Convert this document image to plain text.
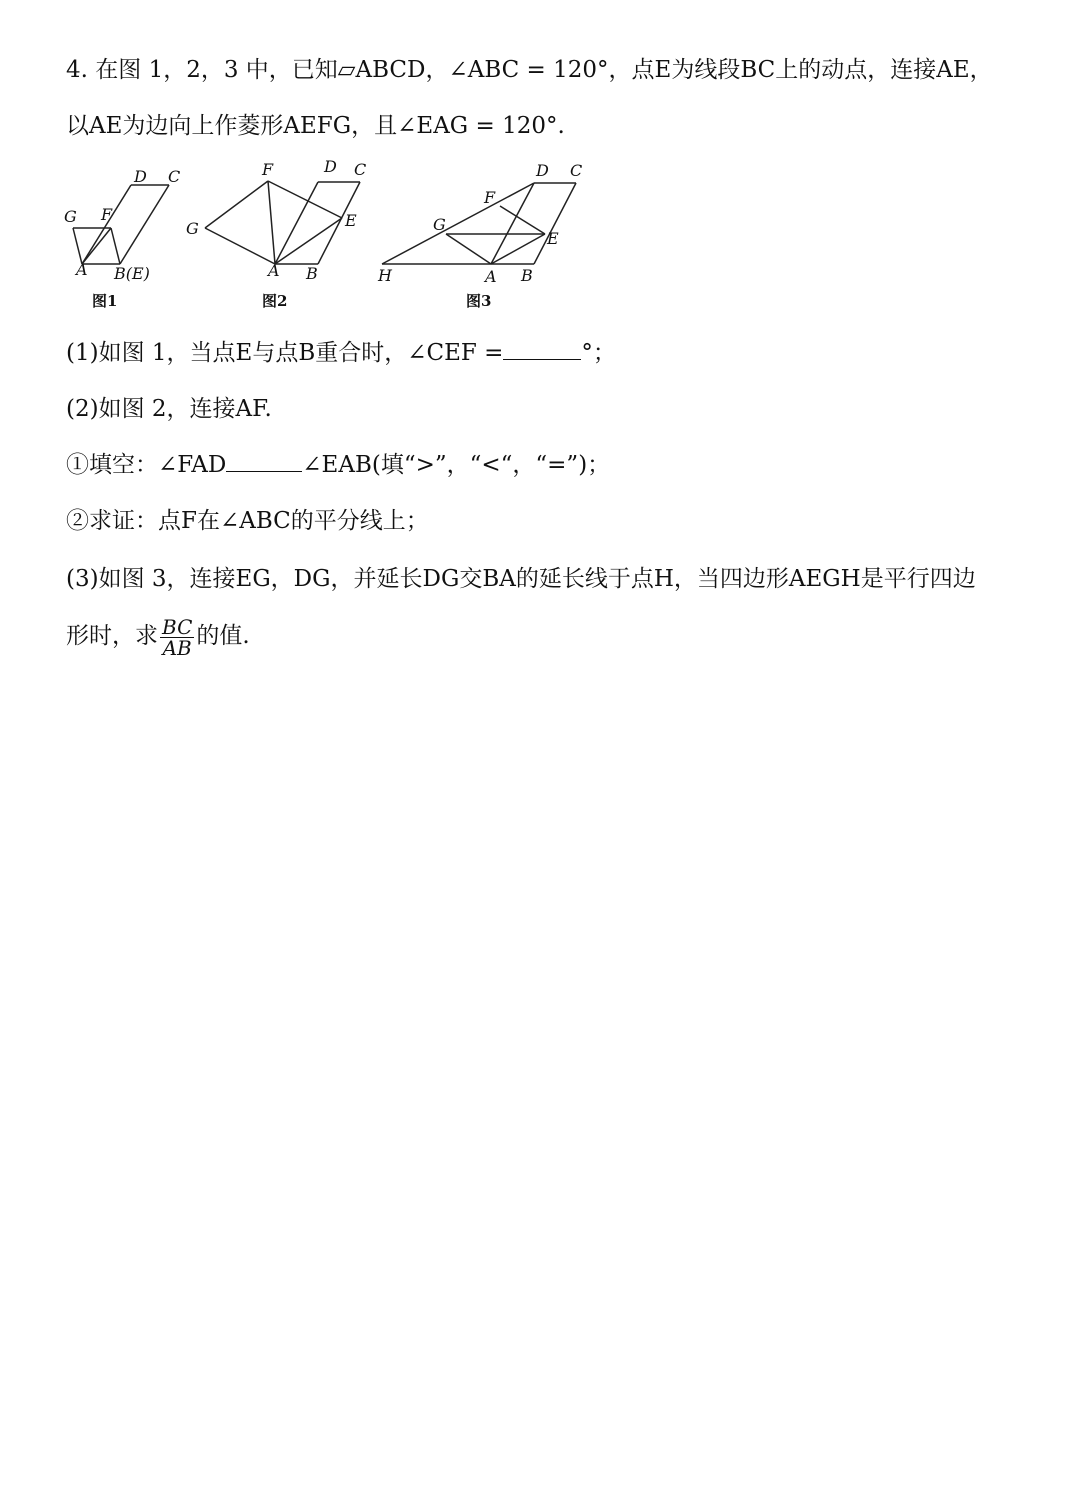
4. 在图 1，2，3 中，已知▱ABCD，∠ABC = 120°，点E为线段BC上的动点，连接AE，
以AE为边向上作菱形AEFG，且∠EAG = 120°.
D C
G F
A B(E)
图1
F	D C
E
G
A B
图2
D C
F
G
E
H	A B
图3
(1)如图 1，当点E与点B重合时，∠CEF =	°；
(2)如图 2，连接AF.
①填空：∠FAD	∠EAB(填“>”，“<“，“=”)；
②求证：点F在∠ABC的平分线上；
(3)如图 3，连接EG，DG，并延长DG交BA的延长线于点H，当四边形AEGH是平行四边
形时，求 $\frac{BC}{AB}$ 的值.
